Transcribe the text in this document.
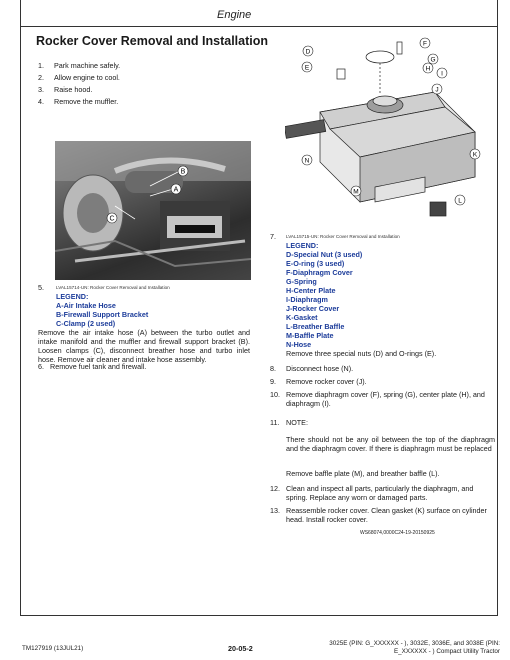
Engine
Rocker Cover Removal and Installation
1. Park machine safely.
2. Allow engine to cool.
3. Raise hood.
4. Remove the muffler.
B
A
C
5.	LVAL15714-UN: Rocker Cover Removal and Installation
LEGEND:
A-Air Intake Hose
B-Firewall Support Bracket
C-Clamp (2 used)
Remove the air intake hose (A) between the turbo outlet and intake manifold and the muffler and firewall support bracket (B). Loosen clamps (C), disconnect breather hose and turbo inlet hose. Remove air cleaner and intake hose assembly.
6. Remove fuel tank and firewall.
D
E
F
G
H
I
J
K
L
M
N
7. LVAL15715-UN: Rocker Cover Removal and Installation
LEGEND:
D-Special Nut (3 used)
E-O-ring (3 used)
F-Diaphragm Cover
G-Spring
H-Center Plate
I-Diaphragm
J-Rocker Cover
K-Gasket
L-Breather Baffle
M-Baffle Plate
N-Hose
Remove three special nuts (D) and O-rings (E).
8. Disconnect hose (N).
9. Remove rocker cover (J).
10. Remove diaphragm cover (F), spring (G), center plate (H), and diaphragm (I).
11. NOTE:
There should not be any oil between the top of the diaphragm and the diaphragm cover. If there is diaphragm must be replaced
Remove baffle plate (M), and breather baffle (L).
12. Clean and inspect all parts, particularly the diaphragm, and spring. Replace any worn or damaged parts.
13. Reassemble rocker cover. Clean gasket (K) surface on cylinder head. Install rocker cover.
WS68074,0000C24-19-20150925
TM127919 (13JUL21)	20-05-2
3025E (PIN: G_XXXXXX - ), 3032E, 3036E, and 3038E (PIN:
E_XXXXXX - ) Compact Utility Tractor
